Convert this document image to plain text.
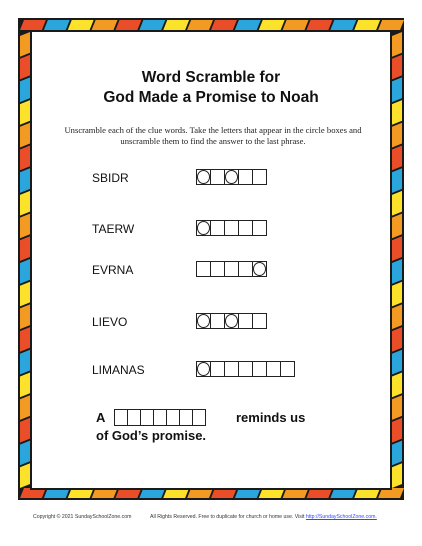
Word Scramble for
God Made a Promise to Noah
Unscramble each of the clue words. Take the letters that appear in the circle boxes and unscramble them to find the answer to the last phrase.
SBIDR
TAERW
EVRNA
LIEVO
LIMANAS
A	reminds us
of God’s promise.
Copyright © 2021 SundaySchoolZone.com	All Rights Reserved. Free to duplicate for church or home use. Visit http://SundaySchoolZone.com.
